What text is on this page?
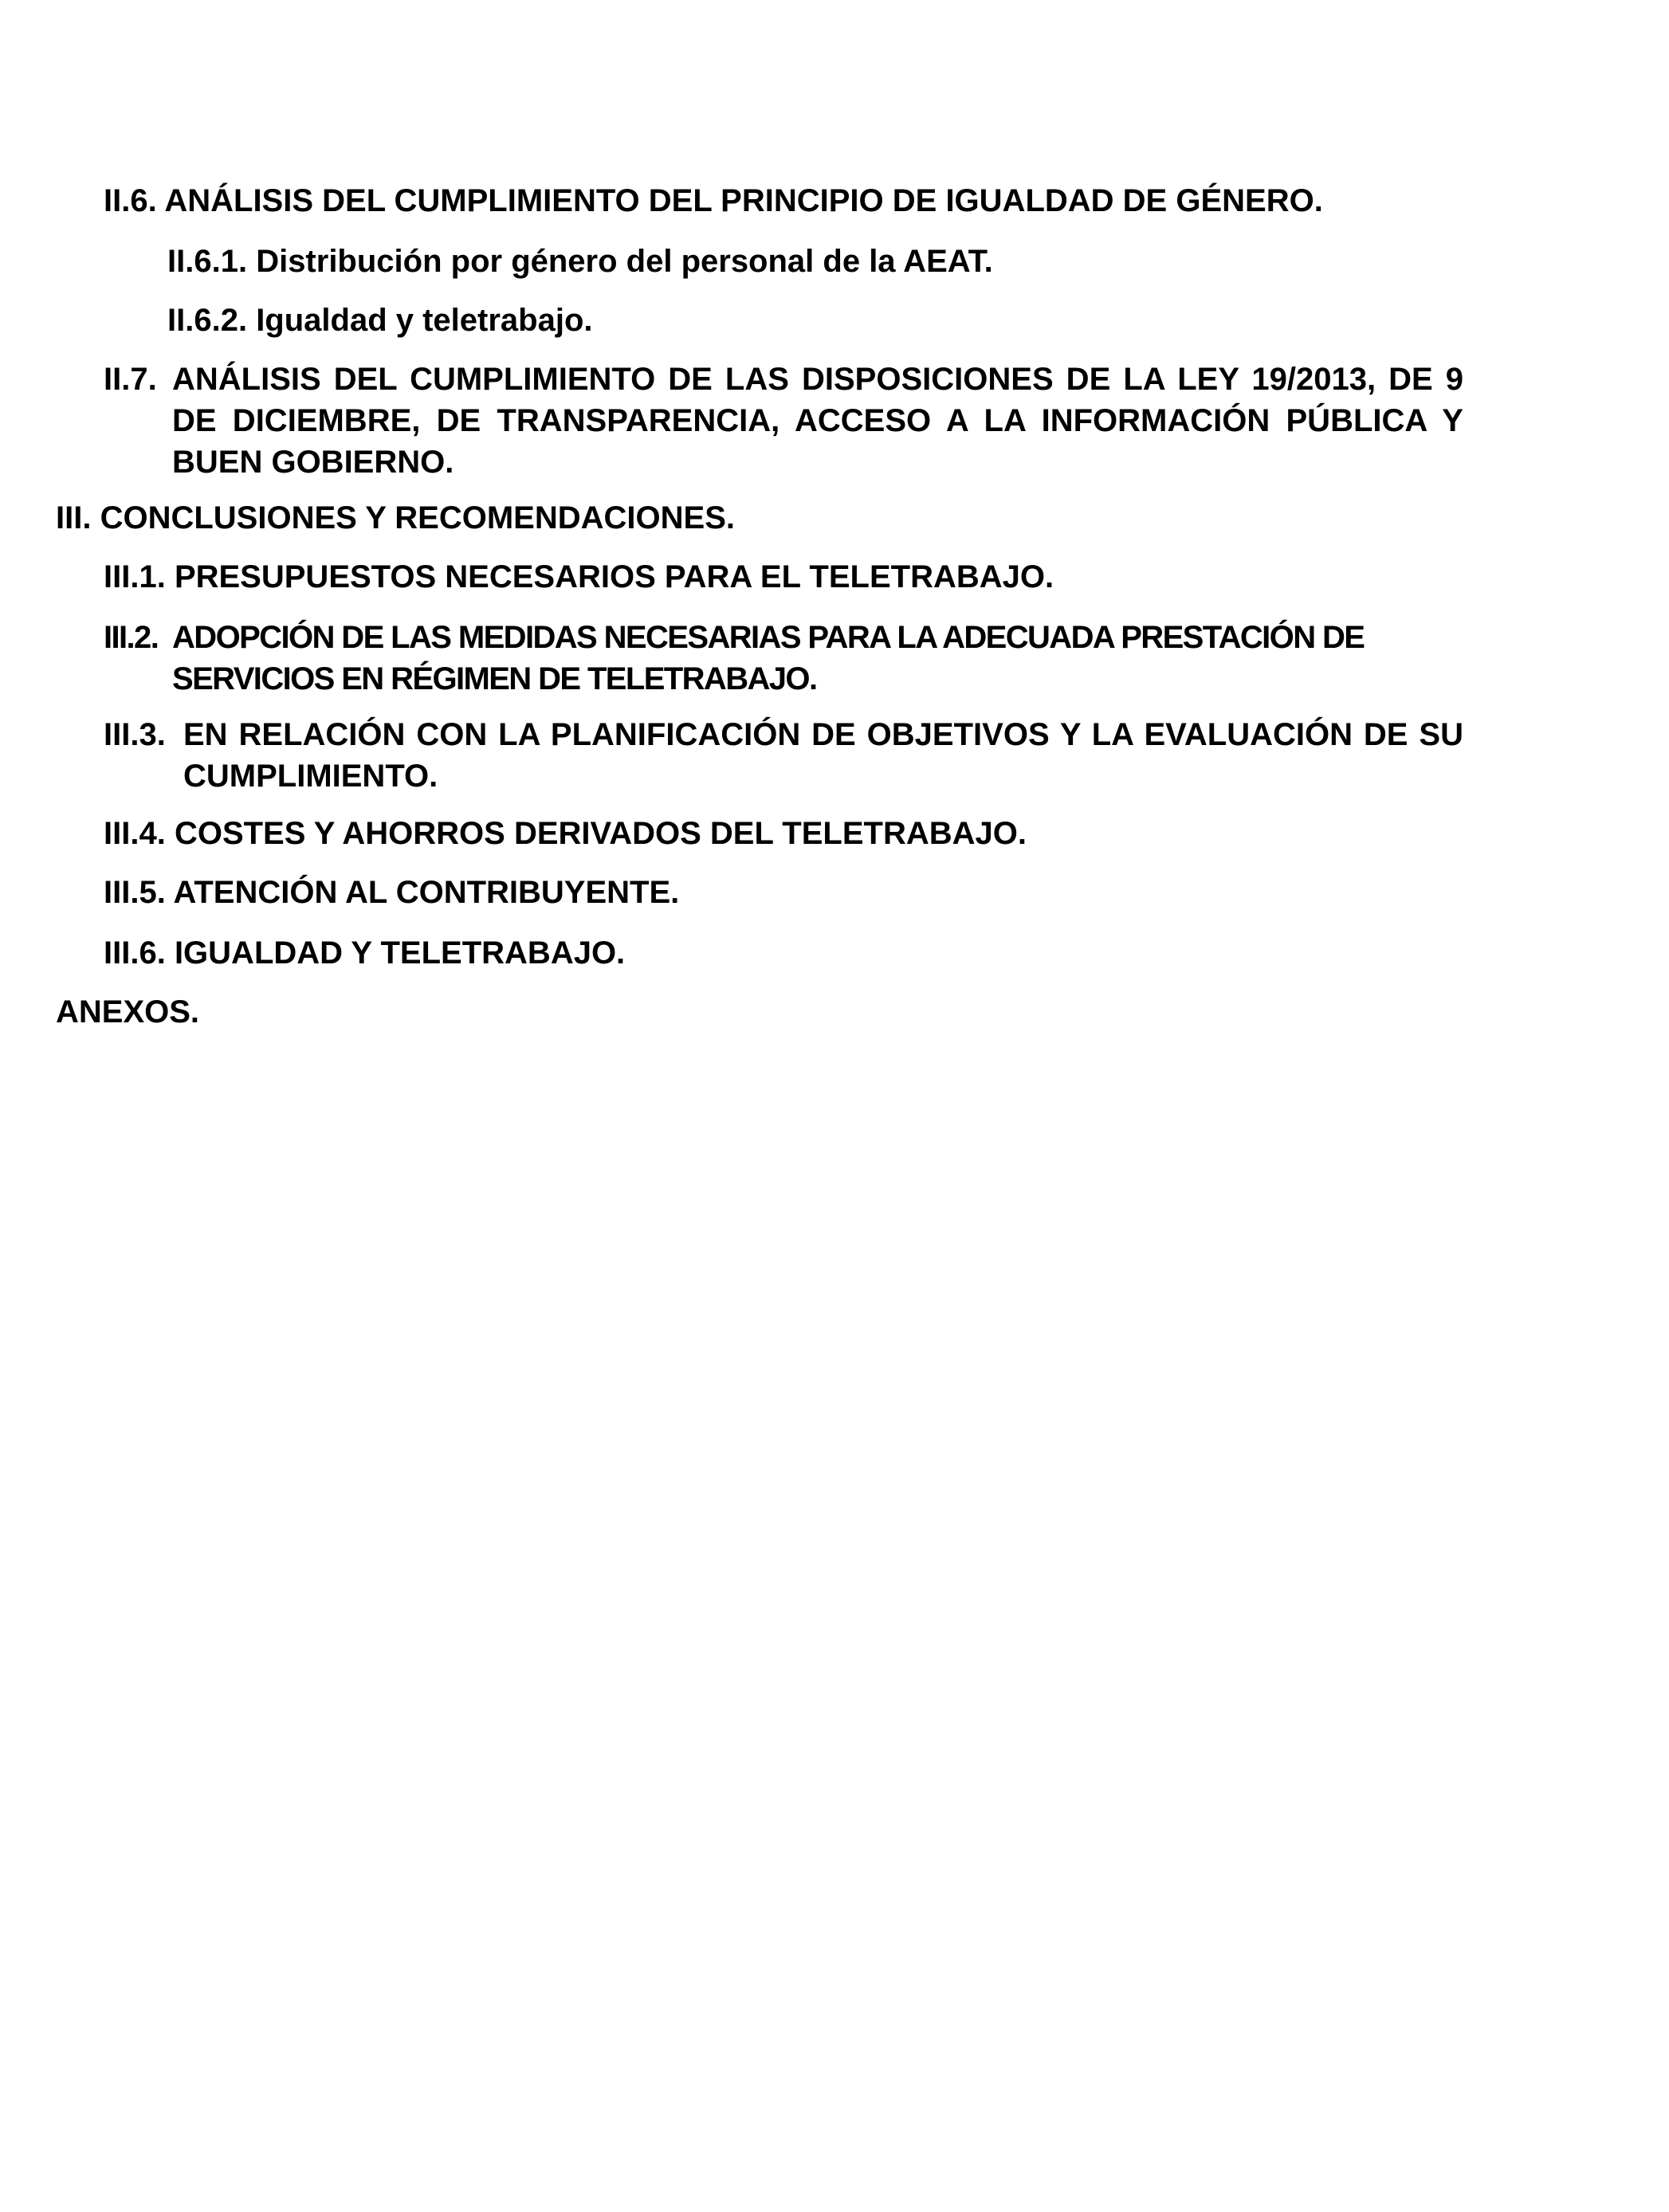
II.6. ANÁLISIS DEL CUMPLIMIENTO DEL PRINCIPIO DE IGUALDAD DE GÉNERO.
II.6.1. Distribución por género del personal de la AEAT.
II.6.2. Igualdad y teletrabajo.
II.7. ANÁLISIS DEL CUMPLIMIENTO DE LAS DISPOSICIONES DE LA LEY 19/2013, DE 9 DE DICIEMBRE, DE TRANSPARENCIA, ACCESO A LA INFORMACIÓN PÚBLICA Y BUEN GOBIERNO.
III. CONCLUSIONES Y RECOMENDACIONES.
III.1. PRESUPUESTOS NECESARIOS PARA EL TELETRABAJO.
III.2. ADOPCIÓN DE LAS MEDIDAS NECESARIAS PARA LA ADECUADA PRESTACIÓN DE SERVICIOS EN RÉGIMEN DE TELETRABAJO.
III.3. EN RELACIÓN CON LA PLANIFICACIÓN DE OBJETIVOS Y LA EVALUACIÓN DE SU CUMPLIMIENTO.
III.4. COSTES Y AHORROS DERIVADOS DEL TELETRABAJO.
III.5. ATENCIÓN AL CONTRIBUYENTE.
III.6. IGUALDAD Y TELETRABAJO.
ANEXOS.
